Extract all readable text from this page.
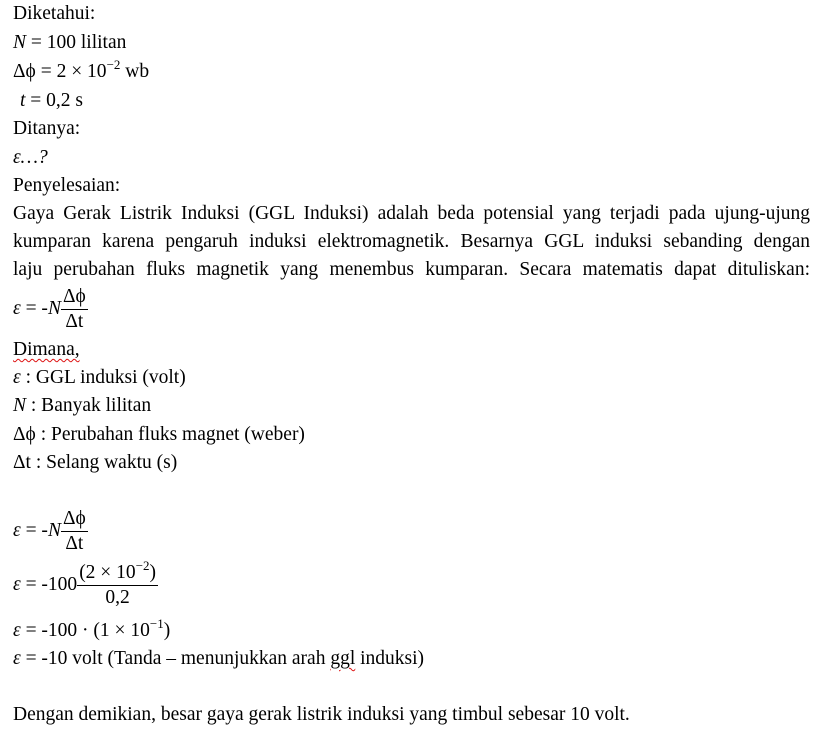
Diketahui:
N = 100 lilitan
$\Delta\phi = 2 \times 10^{-2}$ wb
t = 0,2 s
Ditanya:
ε…?
Penyelesaian:
Gaya Gerak Listrik Induksi (GGL Induksi) adalah beda potensial yang terjadi pada ujung-ujung
kumparan karena pengaruh induksi elektromagnetik. Besarnya GGL induksi sebanding dengan
laju perubahan fluks magnetik yang menembus kumparan. Secara matematis dapat dituliskan:
$\varepsilon = -N \frac{\Delta\phi}{\Delta t}$
Dimana,
ε : GGL induksi (volt)
N : Banyak lilitan
Δϕ : Perubahan fluks magnet (weber)
Δt : Selang waktu (s)
$\varepsilon = -N \frac{\Delta\phi}{\Delta t}$
$\varepsilon = -100 \frac{(2 \times 10^{-2})}{0,2}$
$\varepsilon = -100 \cdot (1 \times 10^{-1})$
ε = -10 volt (Tanda – menunjukkan arah ggl induksi)
Dengan demikian, besar gaya gerak listrik induksi yang timbul sebesar 10 volt.
